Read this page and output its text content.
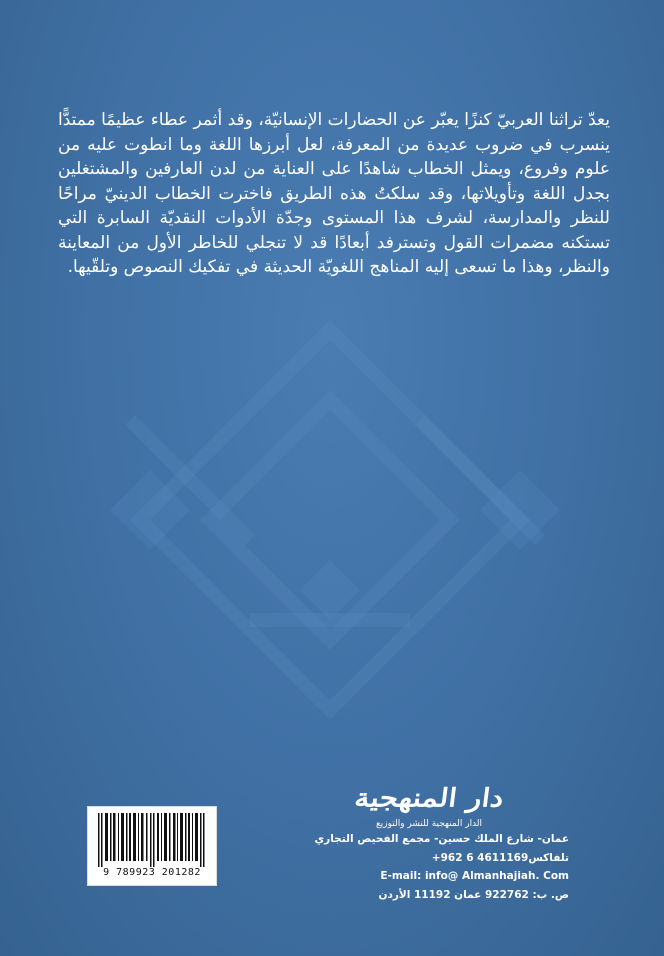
يعدّ تراثنا العربيّ كنزًا يعبّر عن الحضارات الإنسانيّة، وقد أثمر عطاء عظيمًا ممتدًّا ينسرب في ضروب عديدة من المعرفة، لعل أبرزها اللغة وما انطوت عليه من علوم وفروع، ويمثل الخطاب شاهدًا على العناية من لدن العارفين والمشتغلين بجدل اللغة وتأويلاتها، وقد سلكتُ هذه الطريق فاخترت الخطاب الدينيّ مراحًا للنظر والمدارسة، لشرف هذا المستوى وجدّة الأدوات النقديّة السابرة التي تستكنه مضمرات القول وتسترفد أبعادًا قد لا تنجلي للخاطر الأول من المعاينة والنظر، وهذا ما تسعى إليه المناهج اللغويّة الحديثة في تفكيك النصوص وتلقّيها.

دار المنهجية
الدار المنهجية للنشر والتوزيع
عمان- شارع الملك حسين- مجمع الفحيص التجاري
تلفاكس4611169 6 962+
E-mail: info@ Almanhajiah. Com
ص. ب: 922762 عمان 11192 الأردن
9 789923 201282
